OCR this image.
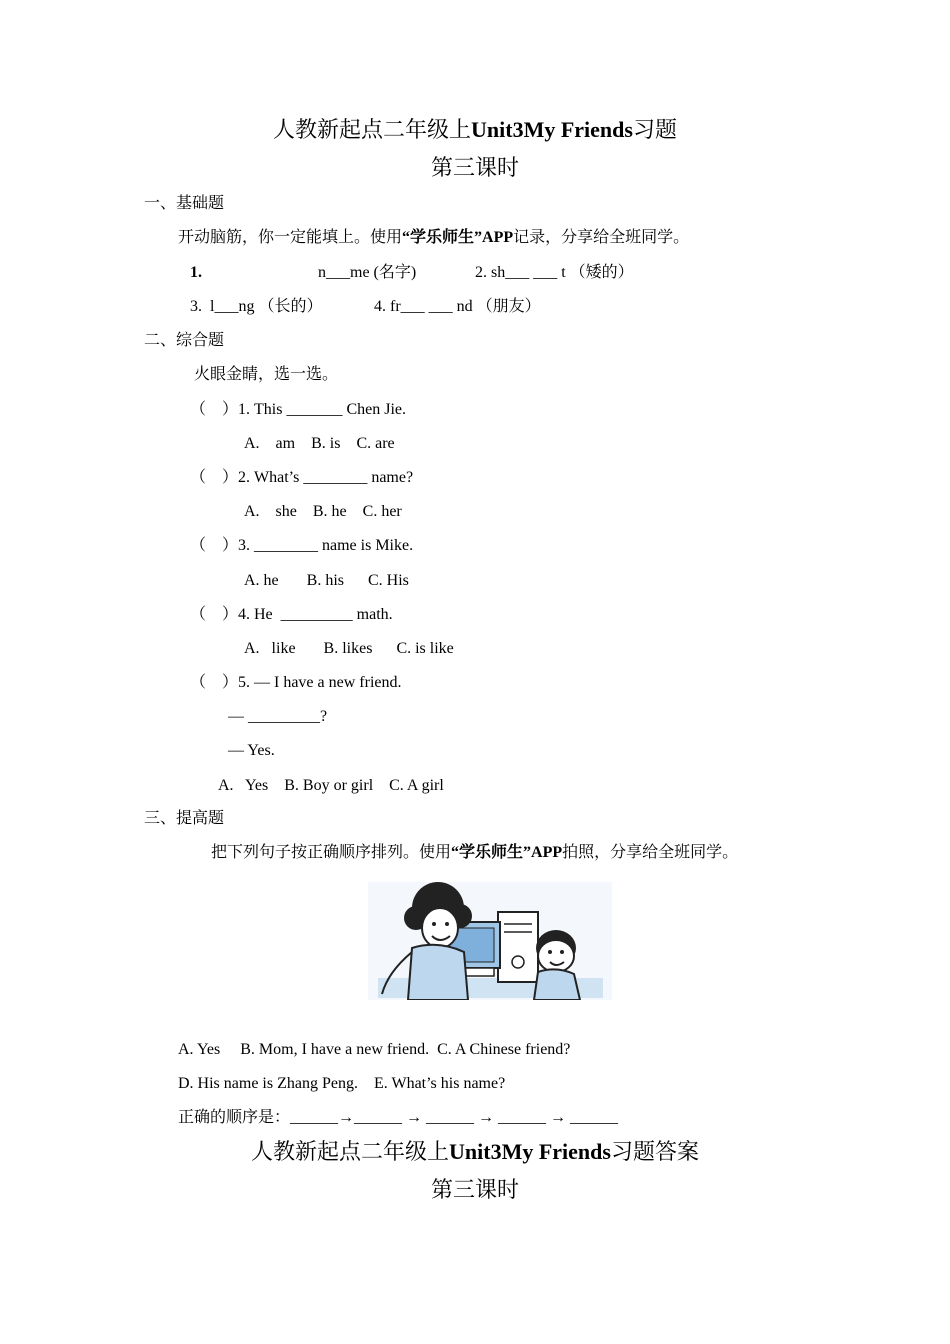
人教新起点二年级上Unit3My Friends习题
第三课时
一、基础题
开动脑筋，你一定能填上。使用“学乐师生”APP记录，分享给全班同学。
1.	n___me (名字)	2. sh___ ___ t （矮的）
3.  l___ng （长的）	4. fr___ ___ nd （朋友）
二、综合题
火眼金睛，选一选。
（    ）1. This _______ Chen Jie.
A.    am    B. is    C. are
（    ）2. What’s ________ name?
A.    she    B. he    C. her
（    ）3. ________ name is Mike.
A. he       B. his      C. His
（    ）4. He  _________ math.
A.   like       B. likes      C. is like
（    ）5. — I have a new friend.
— _________?
— Yes.
A.   Yes    B. Boy or girl    C. A girl
三、提高题
把下列句子按正确顺序排列。使用“学乐师生”APP拍照，分享给全班同学。
A. Yes     B. Mom, I have a new friend.  C. A Chinese friend?
D. His name is Zhang Peng.    E. What’s his name?
正确的顺序是：______→______ → ______ → ______ → ______
人教新起点二年级上Unit3My Friends习题答案
第三课时
